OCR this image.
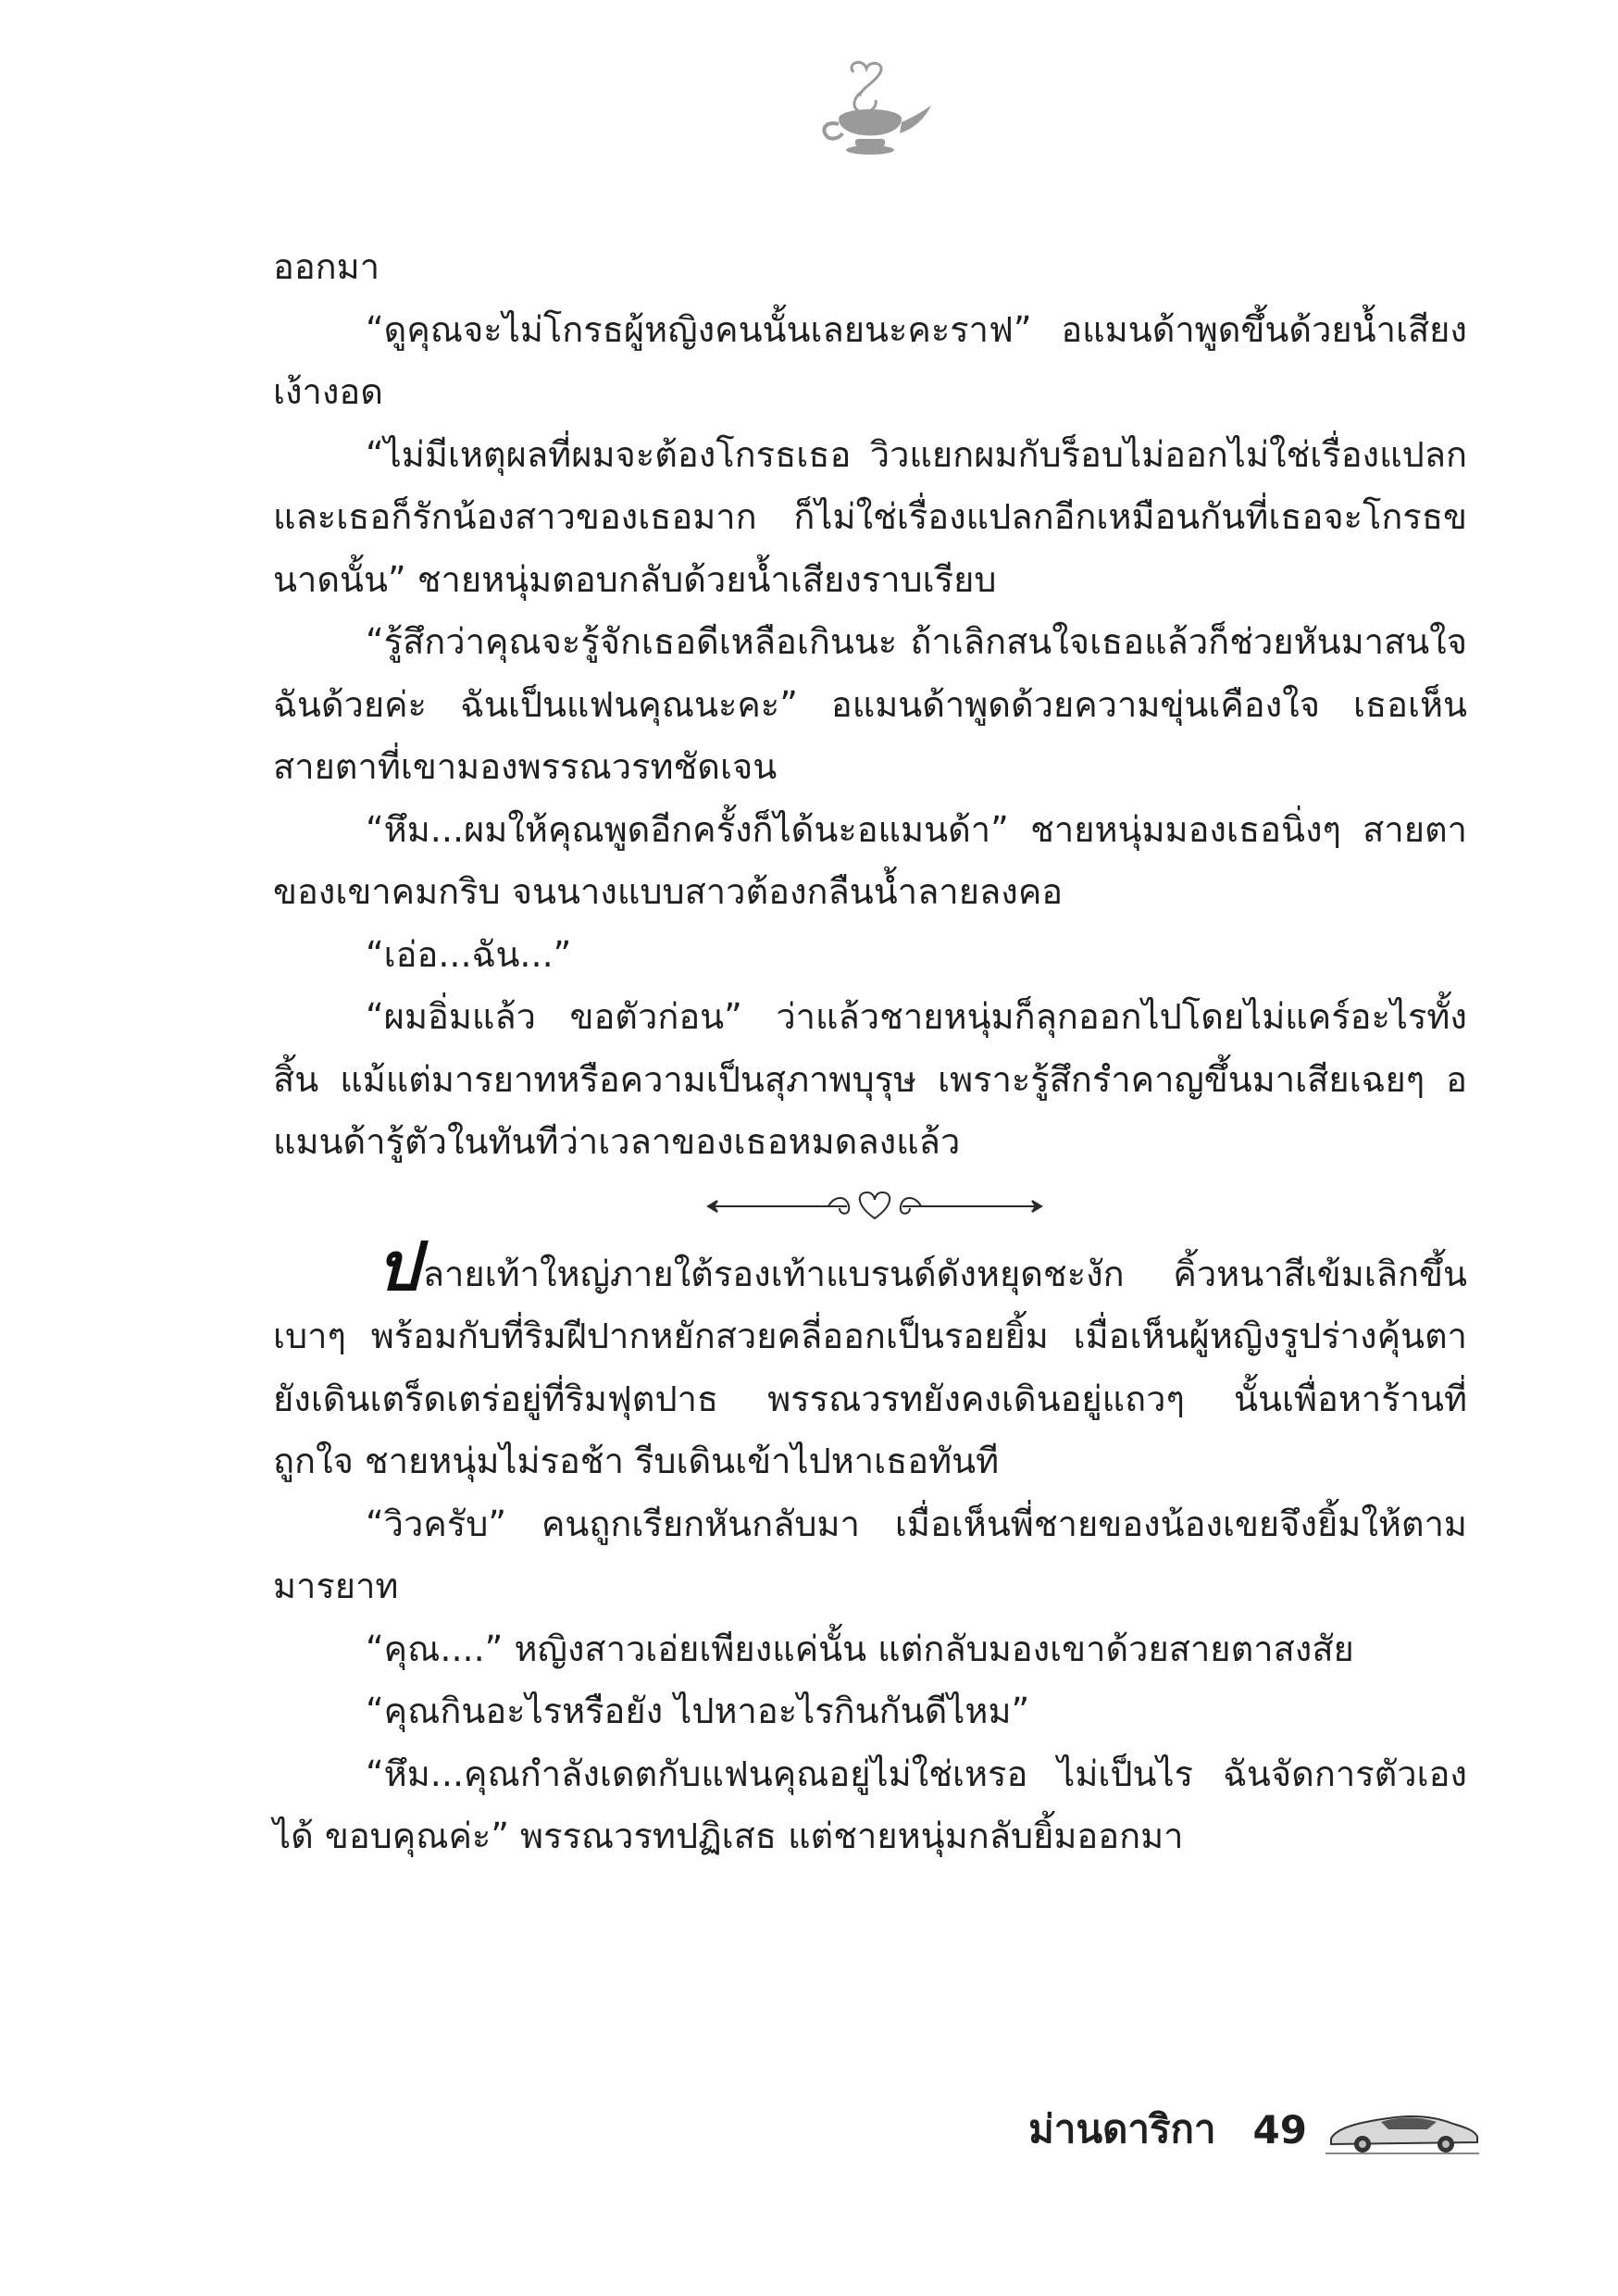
ออกมา

“ดูคุณจะไม่โกรธผู้หญิงคนนั้นเลยนะคะราฟ” อแมนด้าพูดขึ้นด้วยน้ำเสียงเง้างอด

“ไม่มีเหตุผลที่ผมจะต้องโกรธเธอ วิวแยกผมกับร็อบไม่ออกไม่ใช่เรื่องแปลก และเธอก็รักน้องสาวของเธอมาก ก็ไม่ใช่เรื่องแปลกอีกเหมือนกันที่เธอจะโกรธขนาดนั้น” ชายหนุ่มตอบกลับด้วยน้ำเสียงราบเรียบ

“รู้สึกว่าคุณจะรู้จักเธอดีเหลือเกินนะ ถ้าเลิกสนใจเธอแล้วก็ช่วยหันมาสนใจฉันด้วยค่ะ ฉันเป็นแฟนคุณนะคะ” อแมนด้าพูดด้วยความขุ่นเคืองใจ เธอเห็นสายตาที่เขามองพรรณวรทชัดเจน

“หึม...ผมให้คุณพูดอีกครั้งก็ได้นะอแมนด้า” ชายหนุ่มมองเธอนิ่งๆ สายตาของเขาคมกริบ จนนางแบบสาวต้องกลืนน้ำลายลงคอ

“เอ่อ...ฉัน...”

“ผมอิ่มแล้ว ขอตัวก่อน” ว่าแล้วชายหนุ่มก็ลุกออกไปโดยไม่แคร์อะไรทั้งสิ้น แม้แต่มารยาทหรือความเป็นสุภาพบุรุษ เพราะรู้สึกรำคาญขึ้นมาเสียเฉยๆ อแมนด้ารู้ตัวในทันทีว่าเวลาของเธอหมดลงแล้ว

ปลายเท้าใหญ่ภายใต้รองเท้าแบรนด์ดังหยุดชะงัก คิ้วหนาสีเข้มเลิกขึ้นเบาๆ พร้อมกับที่ริมฝีปากหยักสวยคลี่ออกเป็นรอยยิ้ม เมื่อเห็นผู้หญิงรูปร่างคุ้นตายังเดินเตร็ดเตร่อยู่ที่ริมฟุตปาธ พรรณวรทยังคงเดินอยู่แถวๆ นั้นเพื่อหาร้านที่ถูกใจ ชายหนุ่มไม่รอช้า รีบเดินเข้าไปหาเธอทันที

“วิวครับ” คนถูกเรียกหันกลับมา เมื่อเห็นพี่ชายของน้องเขยจึงยิ้มให้ตามมารยาท

“คุณ....” หญิงสาวเอ่ยเพียงแค่นั้น แต่กลับมองเขาด้วยสายตาสงสัย

“คุณกินอะไรหรือยัง ไปหาอะไรกินกันดีไหม”

“หึม...คุณกำลังเดตกับแฟนคุณอยู่ไม่ใช่เหรอ ไม่เป็นไร ฉันจัดการตัวเองได้ ขอบคุณค่ะ” พรรณวรทปฏิเสธ แต่ชายหนุ่มกลับยิ้มออกมา

ม่านดาริกา 49
